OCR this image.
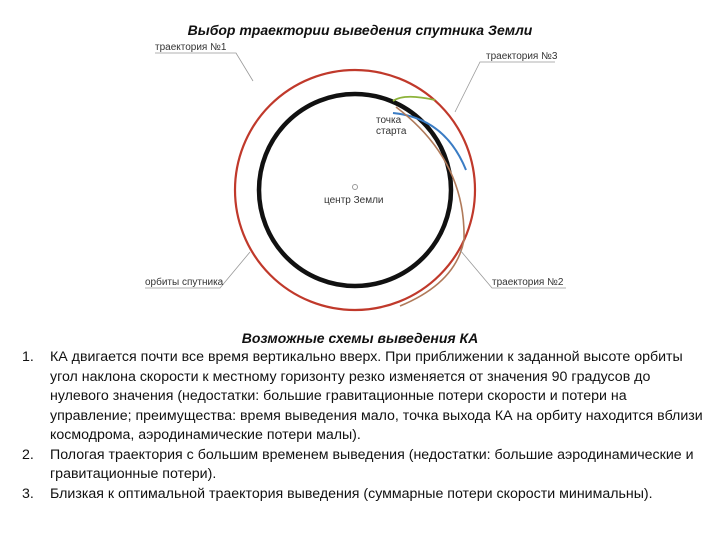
Выбор траектории выведения спутника Земли
траектория №1
траектория №3
точка
старта
центр Земли
орбиты спутника	траектория №2
Возможные схемы выведения КА
1. КА двигается почти все время вертикально вверх. При приближении к заданной высоте орбиты угол наклона скорости к местному горизонту резко изменяется от значения 90 градусов до нулевого значения (недостатки: большие гравитационные потери скорости и потери на управление; преимущества: время выведения мало, точка выхода КА на орбиту находится вблизи космодрома, аэродинамические потери малы).
2. Пологая траектория с большим временем выведения (недостатки: большие аэродинамические и гравитационные потери).
3. Близкая к оптимальной траектория выведения (суммарные потери скорости минимальны).
